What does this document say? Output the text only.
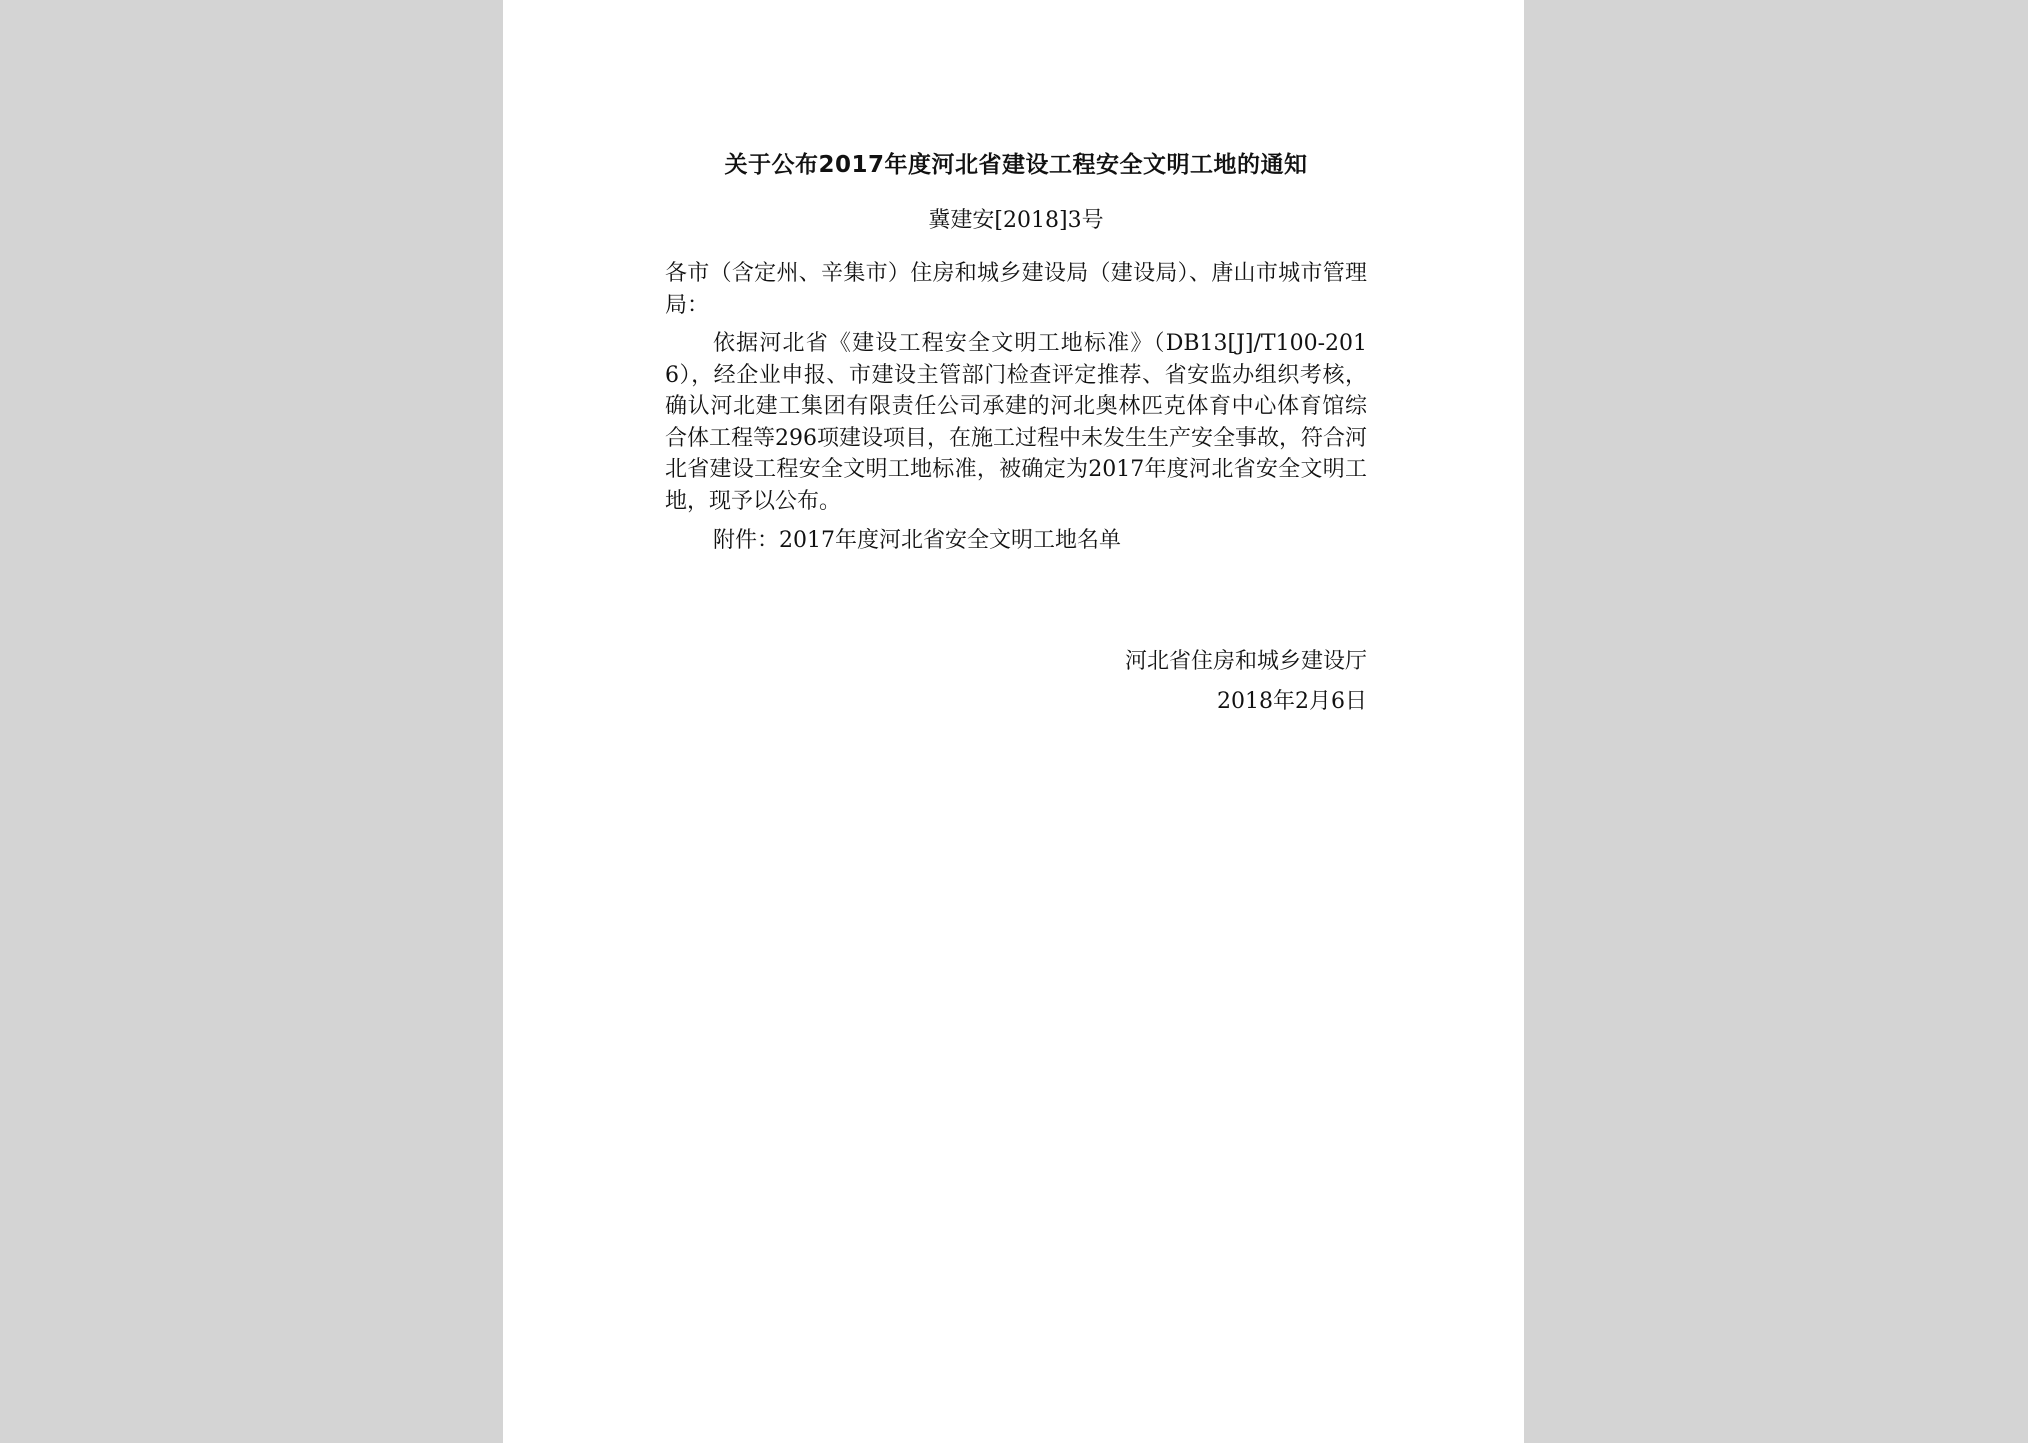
关于公布2017年度河北省建设工程安全文明工地的通知
冀建安[2018]3号
各市（含定州、辛集市）住房和城乡建设局（建设局）、唐山市城市管理局：
依据河北省《建设工程安全文明工地标准》（DB13[J]/T100-2016），经企业申报、市建设主管部门检查评定推荐、省安监办组织考核，确认河北建工集团有限责任公司承建的河北奥林匹克体育中心体育馆综合体工程等296项建设项目，在施工过程中未发生生产安全事故，符合河北省建设工程安全文明工地标准，被确定为2017年度河北省安全文明工地，现予以公布。
附件：2017年度河北省安全文明工地名单
河北省住房和城乡建设厅
2018年2月6日
